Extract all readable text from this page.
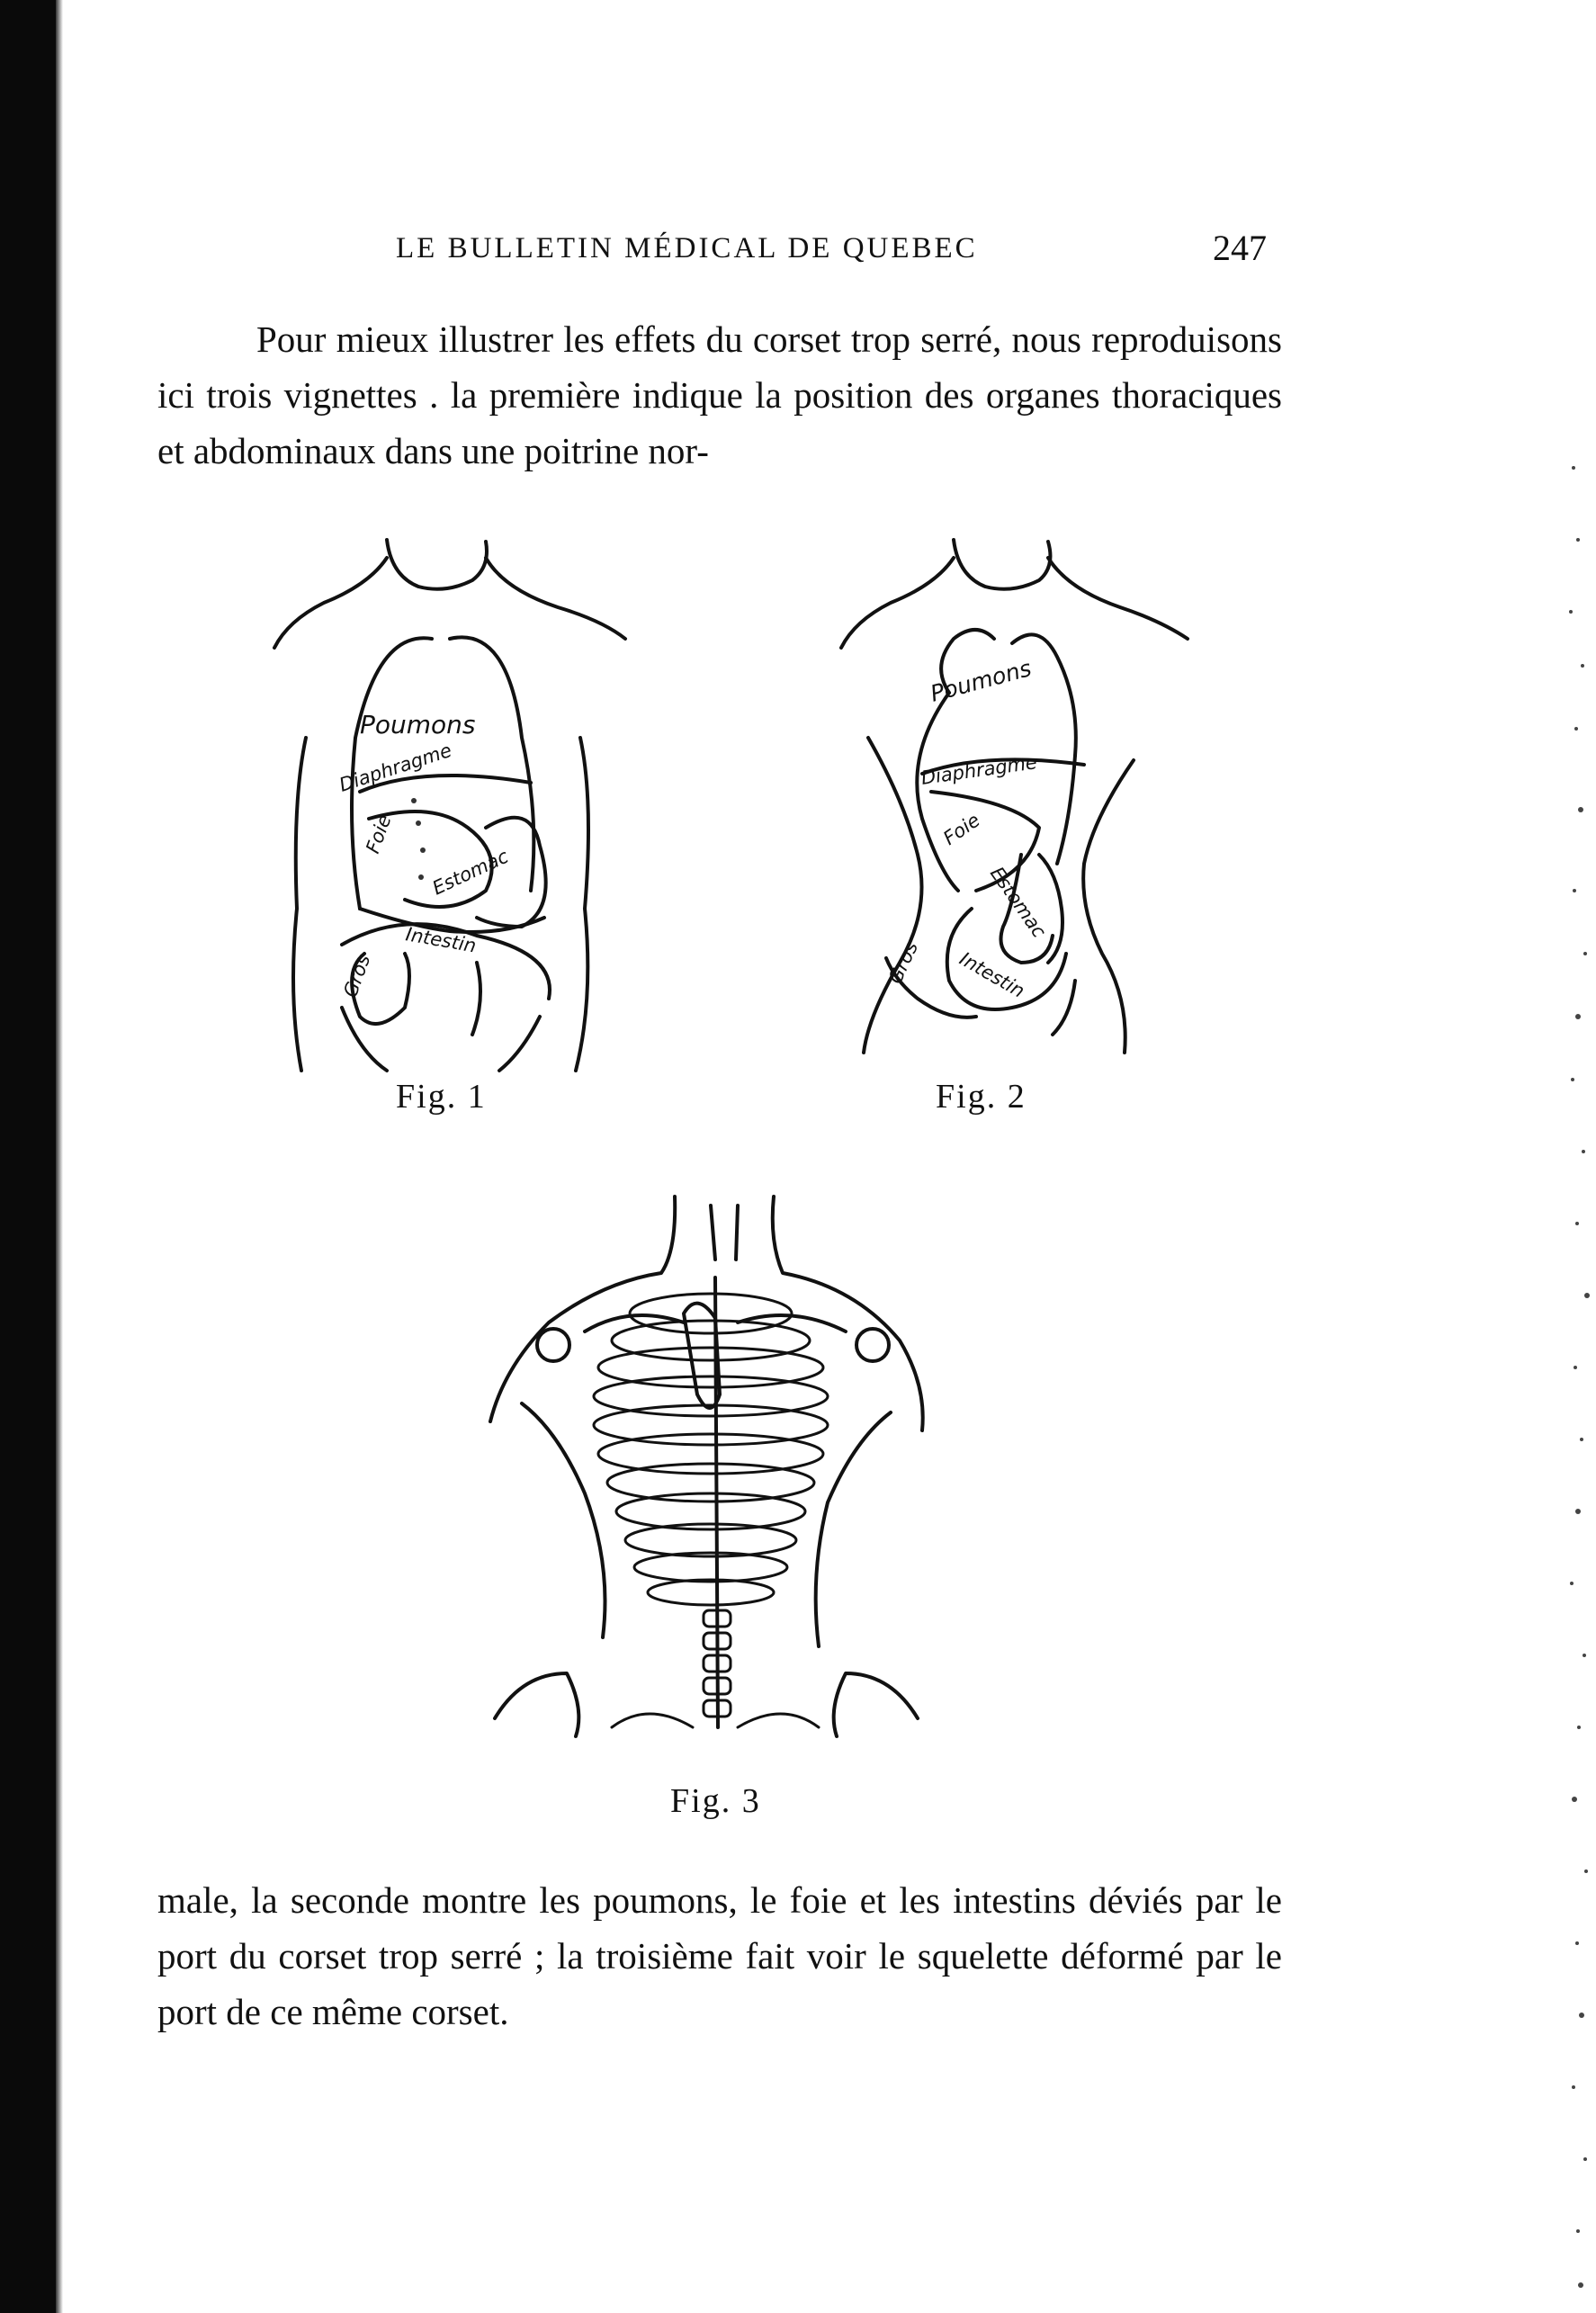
LE BULLETIN MÉDICAL DE QUEBEC	247
Pour mieux illustrer les effets du corset trop serré, nous reproduisons ici trois vignettes . la première indique la position des organes thoraciques et abdominaux dans une poitrine nor-
Poumons
Diaphragme
Foie
Estomac
Intestin
Gros
Fig. 1
Poumons
Diaphragme
Foie
Estomac
Intestin
Gros
Fig. 2
Fig. 3
male, la seconde montre les poumons, le foie et les intestins déviés par le port du corset trop serré ; la troisième fait voir le squelette déformé par le port de ce même corset.
